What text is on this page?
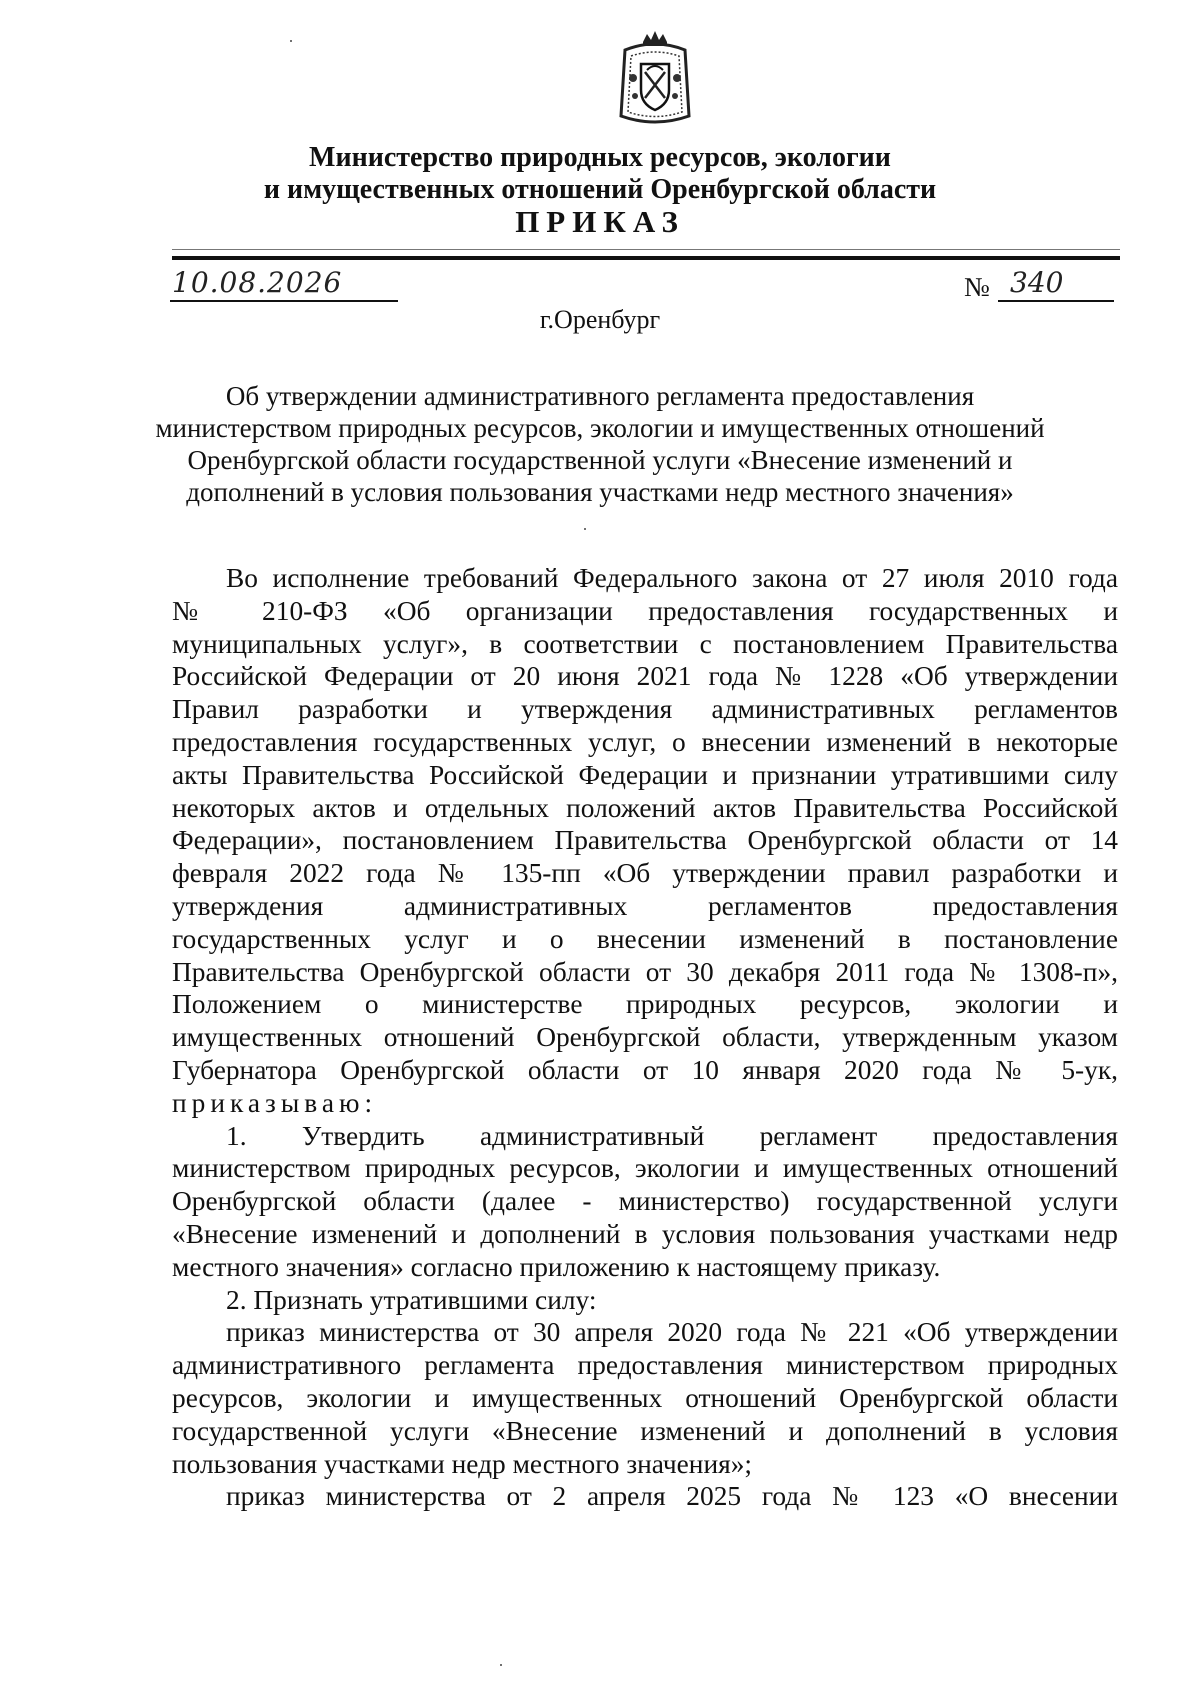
Министерство природных ресурсов, экологии
и имущественных отношений Оренбургской области
ПРИКАЗ
10.08.2026	№ 340
г.Оренбург
Об утверждении административного регламента предоставления
министерством природных ресурсов, экологии и имущественных отношений
Оренбургской области государственной услуги «Внесение изменений и
дополнений в условия пользования участками недр местного значения»

Во исполнение требований Федерального закона от 27 июля 2010 года

№ 210-ФЗ «Об организации предоставления государственных и

муниципальных услуг», в соответствии с постановлением Правительства

Российской Федерации от 20 июня 2021 года № 1228 «Об утверждении

Правил разработки и утверждения административных регламентов

предоставления государственных услуг, о внесении изменений в некоторые

акты Правительства Российской Федерации и признании утратившими силу

некоторых актов и отдельных положений актов Правительства Российской

Федерации», постановлением Правительства Оренбургской области от 14

февраля 2022 года № 135-пп «Об утверждении правил разработки и

утверждения административных регламентов предоставления

государственных услуг и о внесении изменений в постановление

Правительства Оренбургской области от 30 декабря 2011 года № 1308-п»,

Положением о министерстве природных ресурсов, экологии и

имущественных отношений Оренбургской области, утвержденным указом

Губернатора Оренбургской области от 10 января 2020 года № 5-ук,

приказываю:

1. Утвердить административный регламент предоставления

министерством природных ресурсов, экологии и имущественных отношений

Оренбургской области (далее - министерство) государственной услуги

«Внесение изменений и дополнений в условия пользования участками недр

местного значения» согласно приложению к настоящему приказу.

2. Признать утратившими силу:

приказ министерства от 30 апреля 2020 года № 221 «Об утверждении

административного регламента предоставления министерством природных

ресурсов, экологии и имущественных отношений Оренбургской области

государственной услуги «Внесение изменений и дополнений в условия

пользования участками недр местного значения»;

приказ министерства от 2 апреля 2025 года № 123 «О внесении
